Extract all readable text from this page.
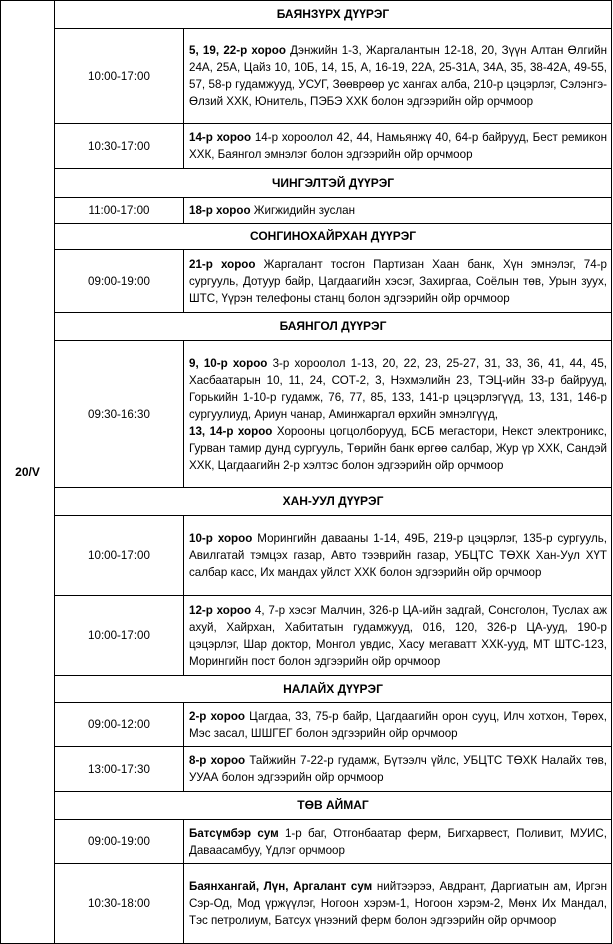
20/V	БАЯНЗҮРХ ДҮҮРЭГ	
	10:00-17:00	5, 19, 22-р хороо Дэнжийн 1-3, Жаргалантын 12-18, 20, Зүүн Алтан Өлгийн 24А, 25А, Цайз 10, 10Б, 14, 15, А, 16-19, 22А, 25-31А, 34А, 35, 38-42А, 49-55, 57, 58-р гудамжууд, УСУГ, Зөөврөөр ус хангах алба, 210-р цэцэрлэг, Сэлэнгэ-Өлзий ХХК, Юнитель, ПЭБЭ ХХК болон эдгээрийн ойр орчмоор
	10:30-17:00	14-р хороо 14-р хороолол 42, 44, Намьянжү 40, 64-р байрууд, Бест ремикон ХХК, Баянгол эмнэлэг болон эдгээрийн ойр орчмоор
	ЧИНГЭЛТЭЙ ДҮҮРЭГ	
	11:00-17:00	18-р хороо Жигжидийн зуслан
	СОНГИНОХАЙРХАН ДҮҮРЭГ	
	09:00-19:00	21-р хороо Жаргалант тосгон Партизан Хаан банк, Хүн эмнэлэг, 74-р сургууль, Дотуур байр, Цагдаагийн хэсэг, Захиргаа, Соёлын төв, Урын зуух, ШТС, Үүрэн телефоны станц болон эдгээрийн ойр орчмоор
	БАЯНГОЛ ДҮҮРЭГ	
	09:30-16:30	9, 10-р хороо 3-р хороолол 1-13, 20, 22, 23, 25-27, 31, 33, 36, 41, 44, 45, Хасбаатарын 10, 11, 24, СОТ-2, 3, Нэхмэлийн 23, ТЭЦ-ийн 33-р байрууд, Горькийн 1-10-р гудамж, 76, 77, 85, 133, 141-р цэцэрлэгүүд, 13, 131, 146-р сургуулиуд, Ариун чанар, Аминжаргал өрхийн эмнэлгүүд,
13, 14-р хороо Хорооны цогцолборууд, БСБ мегастори, Некст электроникс, Гурван тамир дунд сургууль, Төрийн банк өргөө салбар, Жур үр ХХК, Сандэй ХХК, Цагдаагийн 2-р хэлтэс болон эдгээрийн ойр орчмоор
	ХАН-УУЛ ДҮҮРЭГ	
	10:00-17:00	10-р хороо Морингийн давааны 1-14, 49Б, 219-р цэцэрлэг, 135-р сургууль, Авилгатай тэмцэх газар, Авто тээврийн газар, УБЦТС ТӨХК Хан-Уул ХҮТ салбар касс, Их мандах уйлст ХХК болон эдгээрийн ойр орчмоор
	10:00-17:00	12-р хороо 4, 7-р хэсэг Малчин, 326-р ЦА-ийн задгай, Сонсголон, Туслах аж ахуй, Хайрхан, Хабитатын гудамжууд, 016, 120, 326-р ЦА-ууд, 190-р цэцэрлэг, Шар доктор, Монгол увдис, Хасу мегаватт ХХК-ууд, МТ ШТС-123, Морингийн пост болон эдгээрийн ойр орчмоор
	НАЛАЙХ ДҮҮРЭГ	
	09:00-12:00	2-р хороо Цагдаа, 33, 75-р байр, Цагдаагийн орон сууц, Илч хотхон, Төрөх, Мэс засал, ШШГЕГ болон эдгээрийн ойр орчмоор
	13:00-17:30	8-р хороо Тайжийн 7-22-р гудамж, Бүтээлч үйлс, УБЦТС ТӨХК Налайх төв, УУАА болон эдгээрийн ойр орчмоор
	ТӨВ АЙМАГ	
	09:00-19:00	Батсүмбэр сум 1-р баг, Отгонбаатар ферм, Бигхарвест, Поливит, МУИС, Даваасамбуу, Үдлэг орчмоор
	10:30-18:00	Баянхангай, Лүн, Аргалант сум нийтээрээ, Авдрант, Даргиатын ам, Иргэн Сэр-Од, Мод үржүүлэг, Ногоон хэрэм-1, Ногоон хэрэм-2, Мөнх Их Мандал, Тэс петролиум, Батсух үнээний ферм болон эдгээрийн ойр орчмоор
